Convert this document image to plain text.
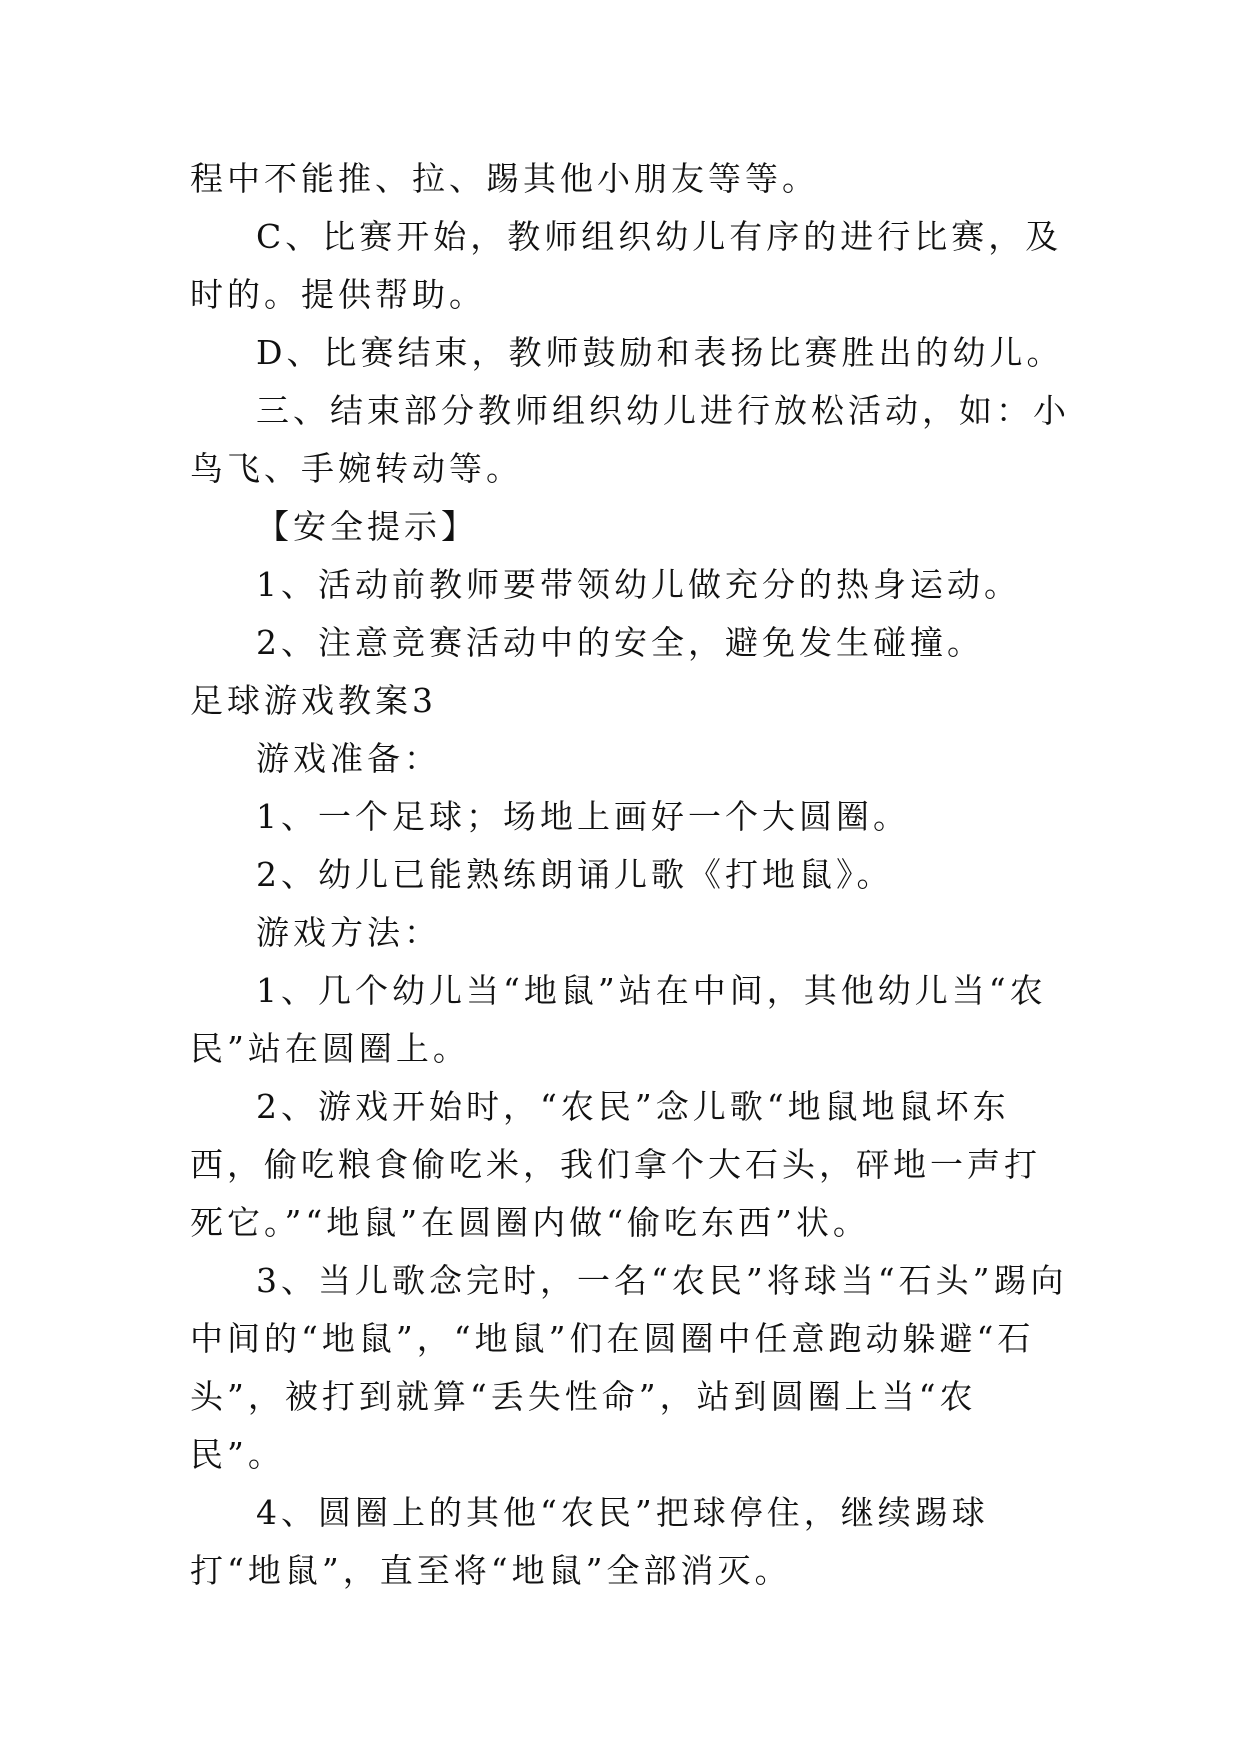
程中不能推、拉、踢其他小朋友等等。

C、比赛开始，教师组织幼儿有序的进行比赛，及时的。提供帮助。

D、比赛结束，教师鼓励和表扬比赛胜出的幼儿。

三、结束部分教师组织幼儿进行放松活动，如：小鸟飞、手婉转动等。

【安全提示】

1、活动前教师要带领幼儿做充分的热身运动。

2、注意竞赛活动中的安全，避免发生碰撞。

足球游戏教案3

游戏准备：

1、一个足球；场地上画好一个大圆圈。

2、幼儿已能熟练朗诵儿歌《打地鼠》。

游戏方法：

1、几个幼儿当“地鼠”站在中间，其他幼儿当“农民”站在圆圈上。

2、游戏开始时，“农民”念儿歌“地鼠地鼠坏东西，偷吃粮食偷吃米，我们拿个大石头，砰地一声打死它。”“地鼠”在圆圈内做“偷吃东西”状。

3、当儿歌念完时，一名“农民”将球当“石头”踢向中间的“地鼠”，“地鼠”们在圆圈中任意跑动躲避“石头”，被打到就算“丢失性命”，站到圆圈上当“农民”。

4、圆圈上的其他“农民”把球停住，继续踢球打“地鼠”，直至将“地鼠”全部消灭。
